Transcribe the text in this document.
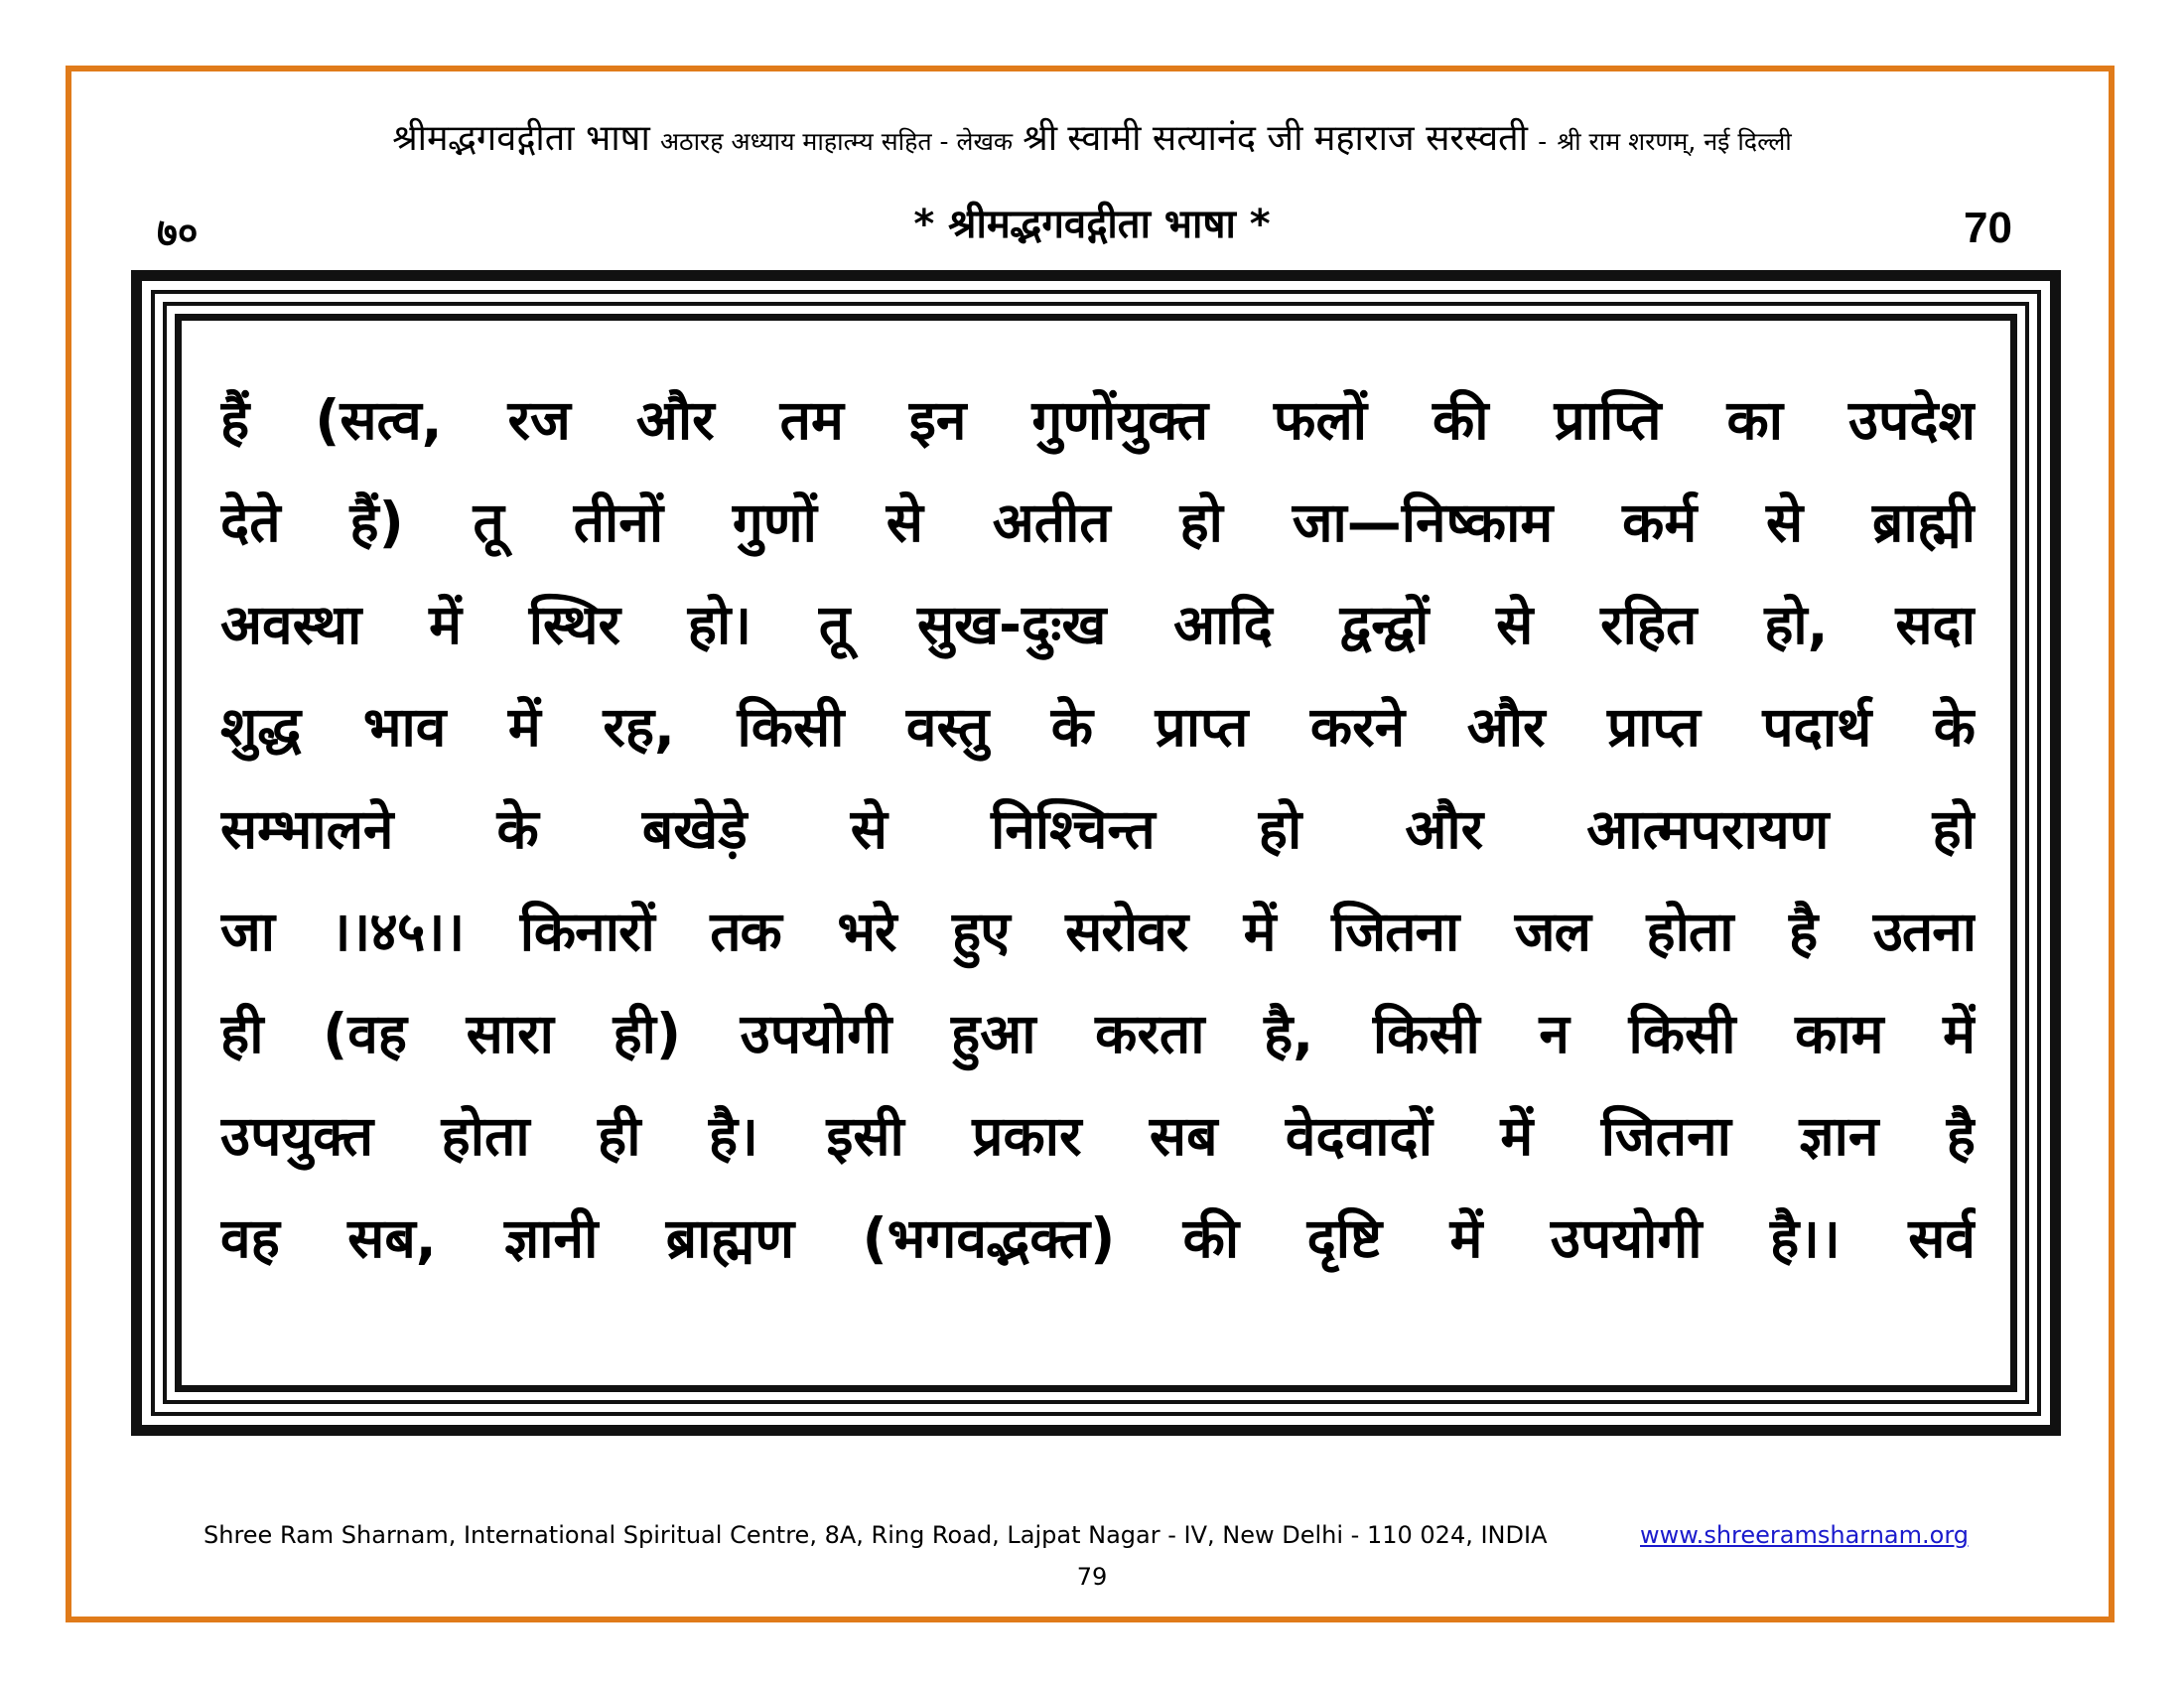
श्रीमद्भगवद्गीता भाषा अठारह अध्याय माहात्म्य सहित - लेखक श्री स्वामी सत्यानंद जी महाराज सरस्वती - श्री राम शरणम्, नई दिल्ली
७०	* श्रीमद्भगवद्गीता भाषा *	70
हैं (सत्व, रज और तम इन गुणोंयुक्त फलों की प्राप्ति का उपदेश
देते हैं) तू तीनों गुणों से अतीत हो जा—निष्काम कर्म से ब्राह्मी
अवस्था में स्थिर हो। तू सुख-दुःख आदि द्वन्द्वों से रहित हो, सदा
शुद्ध भाव में रह, किसी वस्तु के प्राप्त करने और प्राप्त पदार्थ के
सम्भालने के बखेड़े से निश्चिन्त हो और आत्मपरायण हो
जा ।।४५।। किनारों तक भरे हुए सरोवर में जितना जल होता है उतना
ही (वह सारा ही) उपयोगी हुआ करता है, किसी न किसी काम में
उपयुक्त होता ही है। इसी प्रकार सब वेदवादों में जितना ज्ञान है
वह सब, ज्ञानी ब्राह्मण (भगवद्भक्त) की दृष्टि में उपयोगी है।। सर्व
Shree Ram Sharnam, International Spiritual Centre, 8A, Ring Road, Lajpat Nagar - IV, New Delhi - 110 024, INDIA	www.shreeramsharnam.org
79
